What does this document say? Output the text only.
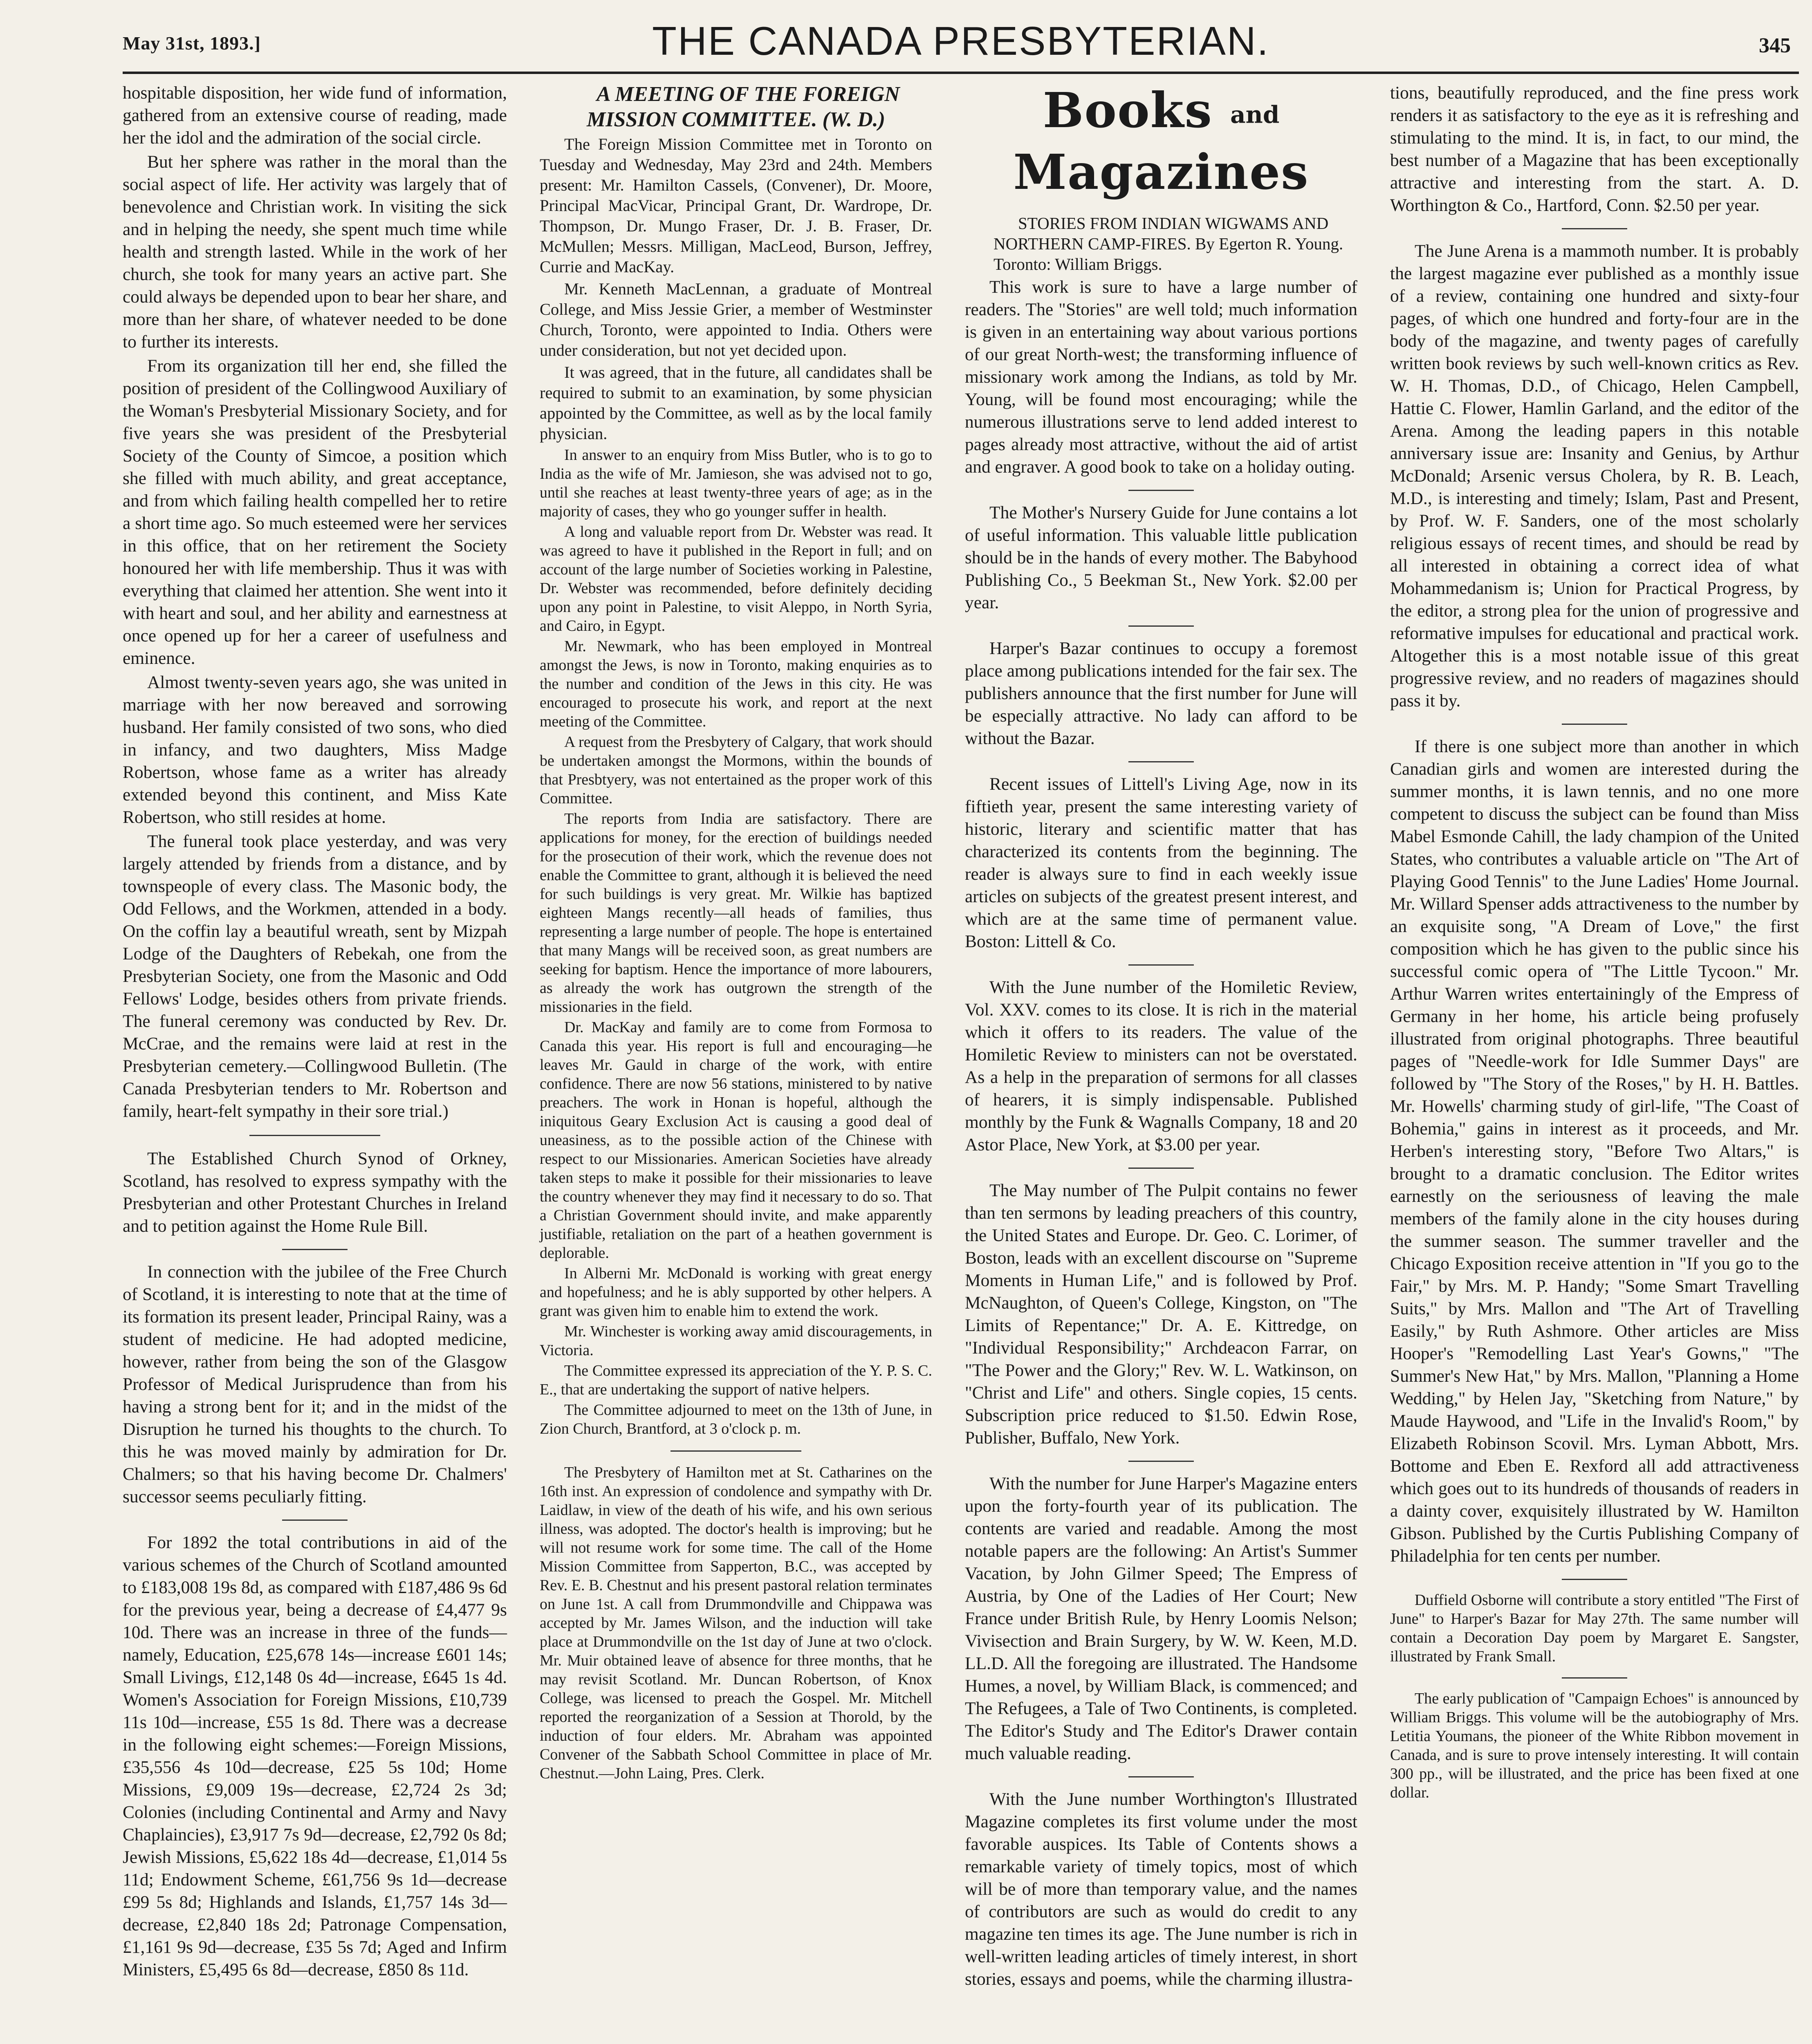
May 31st, 1893.]	THE CANADA PRESBYTERIAN.	345

hospitable disposition, her wide fund of information, gathered from an extensive course of reading, made her the idol and the admiration of the social circle.

But her sphere was rather in the moral than the social aspect of life. Her activity was largely that of benevolence and Christian work. In visiting the sick and in helping the needy, she spent much time while health and strength lasted. While in the work of her church, she took for many years an active part. She could always be depended upon to bear her share, and more than her share, of whatever needed to be done to further its interests.

From its organization till her end, she filled the position of president of the Collingwood Auxiliary of the Woman's Presbyterial Missionary Society, and for five years she was president of the Presbyterial Society of the County of Simcoe, a position which she filled with much ability, and great acceptance, and from which failing health compelled her to retire a short time ago. So much esteemed were her services in this office, that on her retirement the Society honoured her with life membership. Thus it was with everything that claimed her attention. She went into it with heart and soul, and her ability and earnestness at once opened up for her a career of usefulness and eminence.

Almost twenty-seven years ago, she was united in marriage with her now bereaved and sorrowing husband. Her family consisted of two sons, who died in infancy, and two daughters, Miss Madge Robertson, whose fame as a writer has already extended beyond this continent, and Miss Kate Robertson, who still resides at home.

The funeral took place yesterday, and was very largely attended by friends from a distance, and by townspeople of every class. The Masonic body, the Odd Fellows, and the Workmen, attended in a body. On the coffin lay a beautiful wreath, sent by Mizpah Lodge of the Daughters of Rebekah, one from the Presbyterian Society, one from the Masonic and Odd Fellows' Lodge, besides others from private friends. The funeral ceremony was conducted by Rev. Dr. McCrae, and the remains were laid at rest in the Presbyterian cemetery.—Collingwood Bulletin. (The Canada Presbyterian tenders to Mr. Robertson and family, heart-felt sympathy in their sore trial.)

The Established Church Synod of Orkney, Scotland, has resolved to express sympathy with the Presbyterian and other Protestant Churches in Ireland and to petition against the Home Rule Bill.

In connection with the jubilee of the Free Church of Scotland, it is interesting to note that at the time of its formation its present leader, Principal Rainy, was a student of medicine. He had adopted medicine, however, rather from being the son of the Glasgow Professor of Medical Jurisprudence than from his having a strong bent for it; and in the midst of the Disruption he turned his thoughts to the church. To this he was moved mainly by admiration for Dr. Chalmers; so that his having become Dr. Chalmers' successor seems peculiarly fitting.

For 1892 the total contributions in aid of the various schemes of the Church of Scotland amounted to £183,008 19s 8d, as compared with £187,486 9s 6d for the previous year, being a decrease of £4,477 9s 10d. There was an increase in three of the funds—namely, Education, £25,678 14s—increase £601 14s; Small Livings, £12,148 0s 4d—increase, £645 1s 4d. Women's Association for Foreign Missions, £10,739 11s 10d—increase, £55 1s 8d. There was a decrease in the following eight schemes:—Foreign Missions, £35,556 4s 10d—decrease, £25 5s 10d; Home Missions, £9,009 19s—decrease, £2,724 2s 3d; Colonies (including Continental and Army and Navy Chaplaincies), £3,917 7s 9d—decrease, £2,792 0s 8d; Jewish Missions, £5,622 18s 4d—decrease, £1,014 5s 11d; Endowment Scheme, £61,756 9s 1d—decrease £99 5s 8d; Highlands and Islands, £1,757 14s 3d—decrease, £2,840 18s 2d; Patronage Compensation, £1,161 9s 9d—decrease, £35 5s 7d; Aged and Infirm Ministers, £5,495 6s 8d—decrease, £850 8s 11d.

A MEETING OF THE FOREIGN MISSION COMMITTEE. (W. D.)

The Foreign Mission Committee met in Toronto on Tuesday and Wednesday, May 23rd and 24th. Members present: Mr. Hamilton Cassels, (Convener), Dr. Moore, Principal MacVicar, Principal Grant, Dr. Wardrope, Dr. Thompson, Dr. Mungo Fraser, Dr. J. B. Fraser, Dr. McMullen; Messrs. Milligan, MacLeod, Burson, Jeffrey, Currie and MacKay.

Mr. Kenneth MacLennan, a graduate of Montreal College, and Miss Jessie Grier, a member of Westminster Church, Toronto, were appointed to India. Others were under consideration, but not yet decided upon.

It was agreed, that in the future, all candidates shall be required to submit to an examination, by some physician appointed by the Committee, as well as by the local family physician.

In answer to an enquiry from Miss Butler, who is to go to India as the wife of Mr. Jamieson, she was advised not to go, until she reaches at least twenty-three years of age; as in the majority of cases, they who go younger suffer in health.

A long and valuable report from Dr. Webster was read. It was agreed to have it published in the Report in full; and on account of the large number of Societies working in Palestine, Dr. Webster was recommended, before definitely deciding upon any point in Palestine, to visit Aleppo, in North Syria, and Cairo, in Egypt.

Mr. Newmark, who has been employed in Montreal amongst the Jews, is now in Toronto, making enquiries as to the number and condition of the Jews in this city. He was encouraged to prosecute his work, and report at the next meeting of the Committee.

A request from the Presbytery of Calgary, that work should be undertaken amongst the Mormons, within the bounds of that Presbtyery, was not entertained as the proper work of this Committee.

The reports from India are satisfactory. There are applications for money, for the erection of buildings needed for the prosecution of their work, which the revenue does not enable the Committee to grant, although it is believed the need for such buildings is very great. Mr. Wilkie has baptized eighteen Mangs recently—all heads of families, thus representing a large number of people. The hope is entertained that many Mangs will be received soon, as great numbers are seeking for baptism. Hence the importance of more labourers, as already the work has outgrown the strength of the missionaries in the field.

Dr. MacKay and family are to come from Formosa to Canada this year. His report is full and encouraging—he leaves Mr. Gauld in charge of the work, with entire confidence. There are now 56 stations, ministered to by native preachers. The work in Honan is hopeful, although the iniquitous Geary Exclusion Act is causing a good deal of uneasiness, as to the possible action of the Chinese with respect to our Missionaries. American Societies have already taken steps to make it possible for their missionaries to leave the country whenever they may find it necessary to do so. That a Christian Government should invite, and make apparently justifiable, retaliation on the part of a heathen government is deplorable.

In Alberni Mr. McDonald is working with great energy and hopefulness; and he is ably supported by other helpers. A grant was given him to enable him to extend the work.

Mr. Winchester is working away amid discouragements, in Victoria.

The Committee expressed its appreciation of the Y. P. S. C. E., that are undertaking the support of native helpers.

The Committee adjourned to meet on the 13th of June, in Zion Church, Brantford, at 3 o'clock p. m.

The Presbytery of Hamilton met at St. Catharines on the 16th inst. An expression of condolence and sympathy with Dr. Laidlaw, in view of the death of his wife, and his own serious illness, was adopted. The doctor's health is improving; but he will not resume work for some time. The call of the Home Mission Committee from Sapperton, B.C., was accepted by Rev. E. B. Chestnut and his present pastoral relation terminates on June 1st. A call from Drummondville and Chippawa was accepted by Mr. James Wilson, and the induction will take place at Drummondville on the 1st day of June at two o'clock. Mr. Muir obtained leave of absence for three months, that he may revisit Scotland. Mr. Duncan Robertson, of Knox College, was licensed to preach the Gospel. Mr. Mitchell reported the reorganization of a Session at Thorold, by the induction of four elders. Mr. Abraham was appointed Convener of the Sabbath School Committee in place of Mr. Chestnut.—John Laing, Pres. Clerk.

Books and Magazines

STORIES FROM INDIAN WIGWAMS AND NORTHERN CAMP-FIRES. By Egerton R. Young. Toronto: William Briggs.

This work is sure to have a large number of readers. The "Stories" are well told; much information is given in an entertaining way about various portions of our great North-west; the transforming influence of missionary work among the Indians, as told by Mr. Young, will be found most encouraging; while the numerous illustrations serve to lend added interest to pages already most attractive, without the aid of artist and engraver. A good book to take on a holiday outing.

The Mother's Nursery Guide for June contains a lot of useful information. This valuable little publication should be in the hands of every mother. The Babyhood Publishing Co., 5 Beekman St., New York. $2.00 per year.

Harper's Bazar continues to occupy a foremost place among publications intended for the fair sex. The publishers announce that the first number for June will be especially attractive. No lady can afford to be without the Bazar.

Recent issues of Littell's Living Age, now in its fiftieth year, present the same interesting variety of historic, literary and scientific matter that has characterized its contents from the beginning. The reader is always sure to find in each weekly issue articles on subjects of the greatest present interest, and which are at the same time of permanent value. Boston: Littell & Co.

With the June number of the Homiletic Review, Vol. XXV. comes to its close. It is rich in the material which it offers to its readers. The value of the Homiletic Review to ministers can not be overstated. As a help in the preparation of sermons for all classes of hearers, it is simply indispensable. Published monthly by the Funk & Wagnalls Company, 18 and 20 Astor Place, New York, at $3.00 per year.

The May number of The Pulpit contains no fewer than ten sermons by leading preachers of this country, the United States and Europe. Dr. Geo. C. Lorimer, of Boston, leads with an excellent discourse on "Supreme Moments in Human Life," and is followed by Prof. McNaughton, of Queen's College, Kingston, on "The Limits of Repentance;" Dr. A. E. Kittredge, on "Individual Responsibility;" Archdeacon Farrar, on "The Power and the Glory;" Rev. W. L. Watkinson, on "Christ and Life" and others. Single copies, 15 cents. Subscription price reduced to $1.50. Edwin Rose, Publisher, Buffalo, New York.

With the number for June Harper's Magazine enters upon the forty-fourth year of its publication. The contents are varied and readable. Among the most notable papers are the following: An Artist's Summer Vacation, by John Gilmer Speed; The Empress of Austria, by One of the Ladies of Her Court; New France under British Rule, by Henry Loomis Nelson; Vivisection and Brain Surgery, by W. W. Keen, M.D. LL.D. All the foregoing are illustrated. The Handsome Humes, a novel, by William Black, is commenced; and The Refugees, a Tale of Two Continents, is completed. The Editor's Study and The Editor's Drawer contain much valuable reading.

With the June number Worthington's Illustrated Magazine completes its first volume under the most favorable auspices. Its Table of Contents shows a remarkable variety of timely topics, most of which will be of more than temporary value, and the names of contributors are such as would do credit to any magazine ten times its age. The June number is rich in well-written leading articles of timely interest, in short stories, essays and poems, while the charming illustra-

tions, beautifully reproduced, and the fine press work renders it as satisfactory to the eye as it is refreshing and stimulating to the mind. It is, in fact, to our mind, the best number of a Magazine that has been exceptionally attractive and interesting from the start. A. D. Worthington & Co., Hartford, Conn. $2.50 per year.

The June Arena is a mammoth number. It is probably the largest magazine ever published as a monthly issue of a review, containing one hundred and sixty-four pages, of which one hundred and forty-four are in the body of the magazine, and twenty pages of carefully written book reviews by such well-known critics as Rev. W. H. Thomas, D.D., of Chicago, Helen Campbell, Hattie C. Flower, Hamlin Garland, and the editor of the Arena. Among the leading papers in this notable anniversary issue are: Insanity and Genius, by Arthur McDonald; Arsenic versus Cholera, by R. B. Leach, M.D., is interesting and timely; Islam, Past and Present, by Prof. W. F. Sanders, one of the most scholarly religious essays of recent times, and should be read by all interested in obtaining a correct idea of what Mohammedanism is; Union for Practical Progress, by the editor, a strong plea for the union of progressive and reformative impulses for educational and practical work. Altogether this is a most notable issue of this great progressive review, and no readers of magazines should pass it by.

If there is one subject more than another in which Canadian girls and women are interested during the summer months, it is lawn tennis, and no one more competent to discuss the subject can be found than Miss Mabel Esmonde Cahill, the lady champion of the United States, who contributes a valuable article on "The Art of Playing Good Tennis" to the June Ladies' Home Journal. Mr. Willard Spenser adds attractiveness to the number by an exquisite song, "A Dream of Love," the first composition which he has given to the public since his successful comic opera of "The Little Tycoon." Mr. Arthur Warren writes entertainingly of the Empress of Germany in her home, his article being profusely illustrated from original photographs. Three beautiful pages of "Needle-work for Idle Summer Days" are followed by "The Story of the Roses," by H. H. Battles. Mr. Howells' charming study of girl-life, "The Coast of Bohemia," gains in interest as it proceeds, and Mr. Herben's interesting story, "Before Two Altars," is brought to a dramatic conclusion. The Editor writes earnestly on the seriousness of leaving the male members of the family alone in the city houses during the summer season. The summer traveller and the Chicago Exposition receive attention in "If you go to the Fair," by Mrs. M. P. Handy; "Some Smart Travelling Suits," by Mrs. Mallon and "The Art of Travelling Easily," by Ruth Ashmore. Other articles are Miss Hooper's "Remodelling Last Year's Gowns," "The Summer's New Hat," by Mrs. Mallon, "Planning a Home Wedding," by Helen Jay, "Sketching from Nature," by Maude Haywood, and "Life in the Invalid's Room," by Elizabeth Robinson Scovil. Mrs. Lyman Abbott, Mrs. Bottome and Eben E. Rexford all add attractiveness which goes out to its hundreds of thousands of readers in a dainty cover, exquisitely illustrated by W. Hamilton Gibson. Published by the Curtis Publishing Company of Philadelphia for ten cents per number.

Duffield Osborne will contribute a story entitled "The First of June" to Harper's Bazar for May 27th. The same number will contain a Decoration Day poem by Margaret E. Sangster, illustrated by Frank Small.

The early publication of "Campaign Echoes" is announced by William Briggs. This volume will be the autobiography of Mrs. Letitia Youmans, the pioneer of the White Ribbon movement in Canada, and is sure to prove intensely interesting. It will contain 300 pp., will be illustrated, and the price has been fixed at one dollar.
